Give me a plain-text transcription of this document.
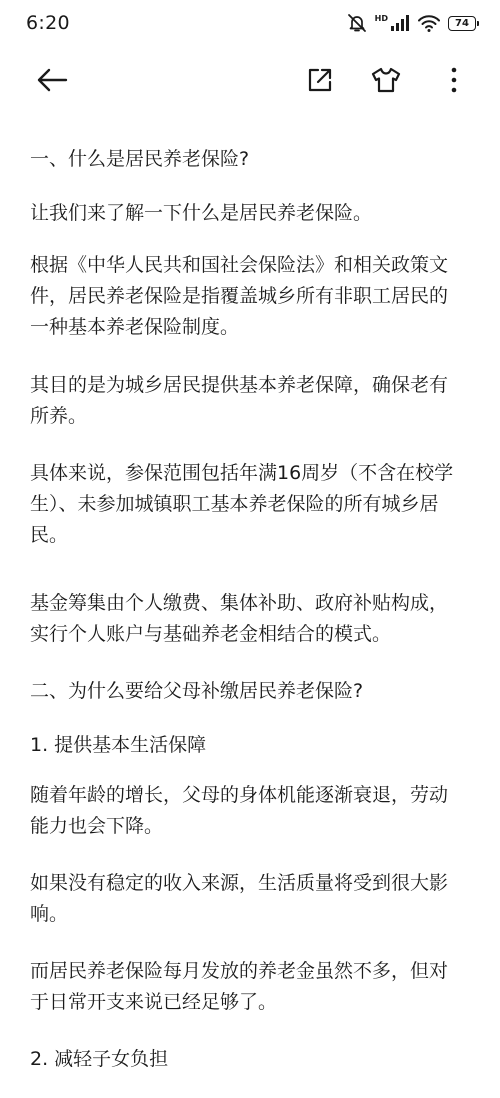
6:20	HD	74

一、什么是居民养老保险?

让我们来了解一下什么是居民养老保险。

根据《中华人民共和国社会保险法》和相关政策文
件，居民养老保险是指覆盖城乡所有非职工居民的
一种基本养老保险制度。

其目的是为城乡居民提供基本养老保障，确保老有
所养。

具体来说，参保范围包括年满16周岁（不含在校学
生）、未参加城镇职工基本养老保险的所有城乡居
民。

基金筹集由个人缴费、集体补助、政府补贴构成，
实行个人账户与基础养老金相结合的模式。

二、为什么要给父母补缴居民养老保险?

1. 提供基本生活保障

随着年龄的增长，父母的身体机能逐渐衰退，劳动
能力也会下降。

如果没有稳定的收入来源，生活质量将受到很大影
响。

而居民养老保险每月发放的养老金虽然不多，但对
于日常开支来说已经足够了。

2. 减轻子女负担
